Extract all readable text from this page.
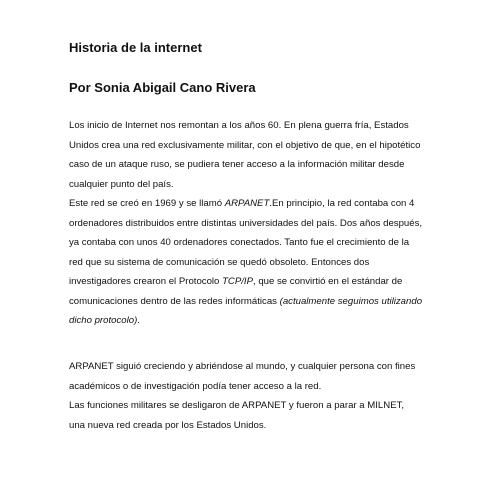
Historia de la internet
Por Sonia Abigail Cano Rivera
Los inicio de Internet nos remontan a los años 60. En plena guerra fría, Estados
Unidos crea una red exclusivamente militar, con el objetivo de que, en el hipotético
caso de un ataque ruso, se pudiera tener acceso a la información militar desde
cualquier punto del país.
Este red se creó en 1969 y se llamó ARPANET.En principio, la red contaba con 4
ordenadores distribuidos entre distintas universidades del país. Dos años después,
ya contaba con unos 40 ordenadores conectados. Tanto fue el crecimiento de la
red que su sistema de comunicación se quedó obsoleto. Entonces dos
investigadores crearon el Protocolo TCP/IP, que se convirtió en el estándar de
comunicaciones dentro de las redes informáticas (actualmente seguimos utilizando
dicho protocolo).
ARPANET siguió creciendo y abriéndose al mundo, y cualquier persona con fines
académicos o de investigación podía tener acceso a la red.
Las funciones militares se desligaron de ARPANET y fueron a parar a MILNET,
una nueva red creada por los Estados Unidos.
